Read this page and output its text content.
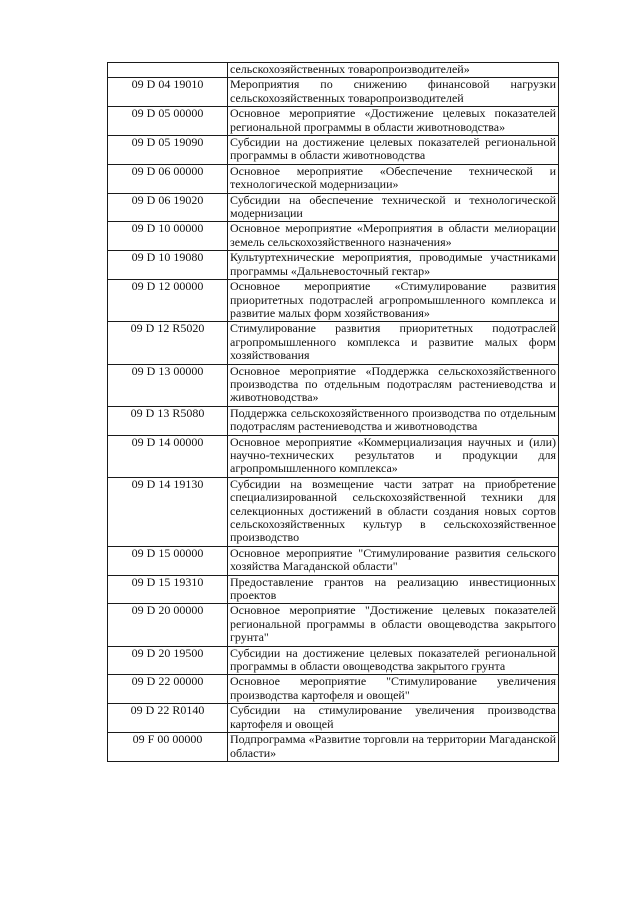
	сельскохозяйственных товаропроизводителей»
09 D 04 19010	Мероприятия по снижению финансовой нагрузки сельскохозяйственных товаропроизводителей
09 D 05 00000	Основное мероприятие «Достижение целевых показателей региональной программы в области животноводства»
09 D 05 19090	Субсидии на достижение целевых показателей региональной программы в области животноводства
09 D 06 00000	Основное мероприятие «Обеспечение технической и технологической модернизации»
09 D 06 19020	Субсидии на обеспечение технической и технологической модернизации
09 D 10 00000	Основное мероприятие «Мероприятия в области мелиорации земель сельскохозяйственного назначения»
09 D 10 19080	Культуртехнические мероприятия, проводимые участниками программы «Дальневосточный гектар»
09 D 12 00000	Основное мероприятие «Стимулирование развития приоритетных подотраслей агропромышленного комплекса и развитие малых форм хозяйствования»
09 D 12 R5020	Стимулирование развития приоритетных подотраслей агропромышленного комплекса и развитие малых форм хозяйствования
09 D 13 00000	Основное мероприятие «Поддержка сельскохозяйственного производства по отдельным подотраслям растениеводства и животноводства»
09 D 13 R5080	Поддержка сельскохозяйственного производства по отдельным подотраслям растениеводства и животноводства
09 D 14 00000	Основное мероприятие «Коммерциализация научных и (или) научно-технических результатов и продукции для агропромышленного комплекса»
09 D 14 19130	Субсидии на возмещение части затрат на приобретение специализированной сельскохозяйственной техники для селекционных достижений в области создания новых сортов сельскохозяйственных культур в сельскохозяйственное производство
09 D 15 00000	Основное мероприятие "Стимулирование развития сельского хозяйства Магаданской области"
09 D 15 19310	Предоставление грантов на реализацию инвестиционных проектов
09 D 20 00000	Основное мероприятие "Достижение целевых показателей региональной программы в области овощеводства закрытого грунта"
09 D 20 19500	Субсидии на достижение целевых показателей региональной программы в области овощеводства закрытого грунта
09 D 22 00000	Основное мероприятие "Стимулирование увеличения производства картофеля и овощей"
09 D 22 R0140	Субсидии на стимулирование увеличения производства картофеля и овощей
09 F 00 00000	Подпрограмма «Развитие торговли на территории Магаданской области»
